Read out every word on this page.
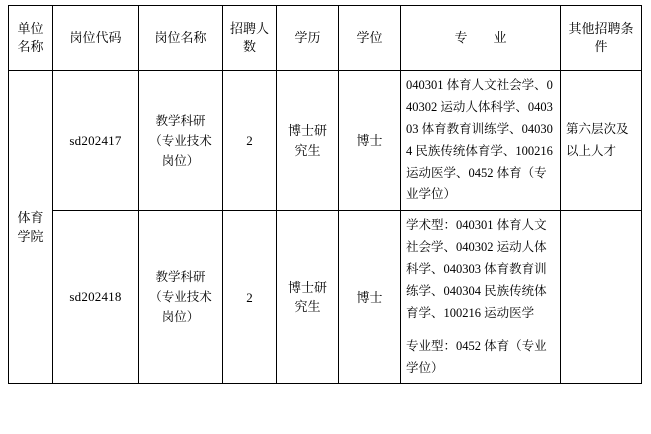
单位名称	岗位代码	岗位名称	招聘人数	学历	学位	专　　业	其他招聘条件
体育学院	sd202417	教学科研（专业技术岗位）	2	博士研究生	博士	040301 体育人文社会学、040302 运动人体科学、040303 体育教育训练学、040304 民族传统体育学、100216 运动医学、0452 体育（专业学位）	第六层次及以上人才
	sd202418	教学科研（专业技术岗位）	2	博士研究生	博士	学术型：040301 体育人文社会学、040302 运动人体科学、040303 体育教育训练学、040304 民族传统体育学、100216 运动医学

专业型：0452 体育（专业学位）	
